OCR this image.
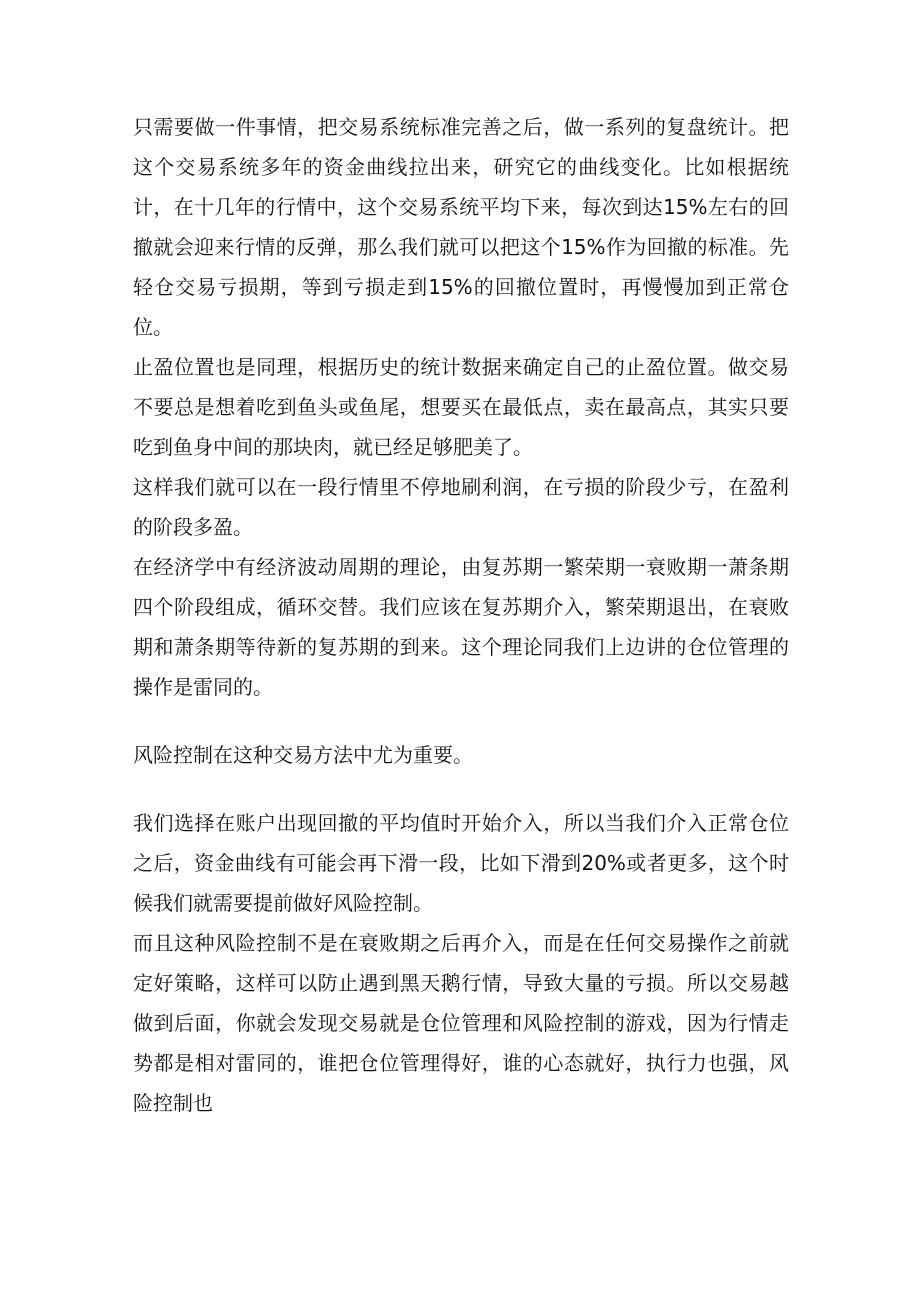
只需要做一件事情，把交易系统标准完善之后，做一系列的复盘统计。把这个交易系统多年的资金曲线拉出来，研究它的曲线变化。比如根据统计，在十几年的行情中，这个交易系统平均下来，每次到达15%左右的回撤就会迎来行情的反弹，那么我们就可以把这个15%作为回撤的标准。先轻仓交易亏损期，等到亏损走到15%的回撤位置时，再慢慢加到正常仓位。

止盈位置也是同理，根据历史的统计数据来确定自己的止盈位置。做交易不要总是想着吃到鱼头或鱼尾，想要买在最低点，卖在最高点，其实只要吃到鱼身中间的那块肉，就已经足够肥美了。

这样我们就可以在一段行情里不停地刷利润，在亏损的阶段少亏，在盈利的阶段多盈。

在经济学中有经济波动周期的理论，由复苏期一繁荣期一衰败期一萧条期四个阶段组成，循环交替。我们应该在复苏期介入，繁荣期退出，在衰败期和萧条期等待新的复苏期的到来。这个理论同我们上边讲的仓位管理的操作是雷同的。

风险控制在这种交易方法中尤为重要。

我们选择在账户出现回撤的平均值时开始介入，所以当我们介入正常仓位之后，资金曲线有可能会再下滑一段，比如下滑到20%或者更多，这个时候我们就需要提前做好风险控制。

而且这种风险控制不是在衰败期之后再介入，而是在任何交易操作之前就定好策略，这样可以防止遇到黑天鹅行情，导致大量的亏损。所以交易越做到后面，你就会发现交易就是仓位管理和风险控制的游戏，因为行情走势都是相对雷同的，谁把仓位管理得好，谁的心态就好，执行力也强，风险控制也
